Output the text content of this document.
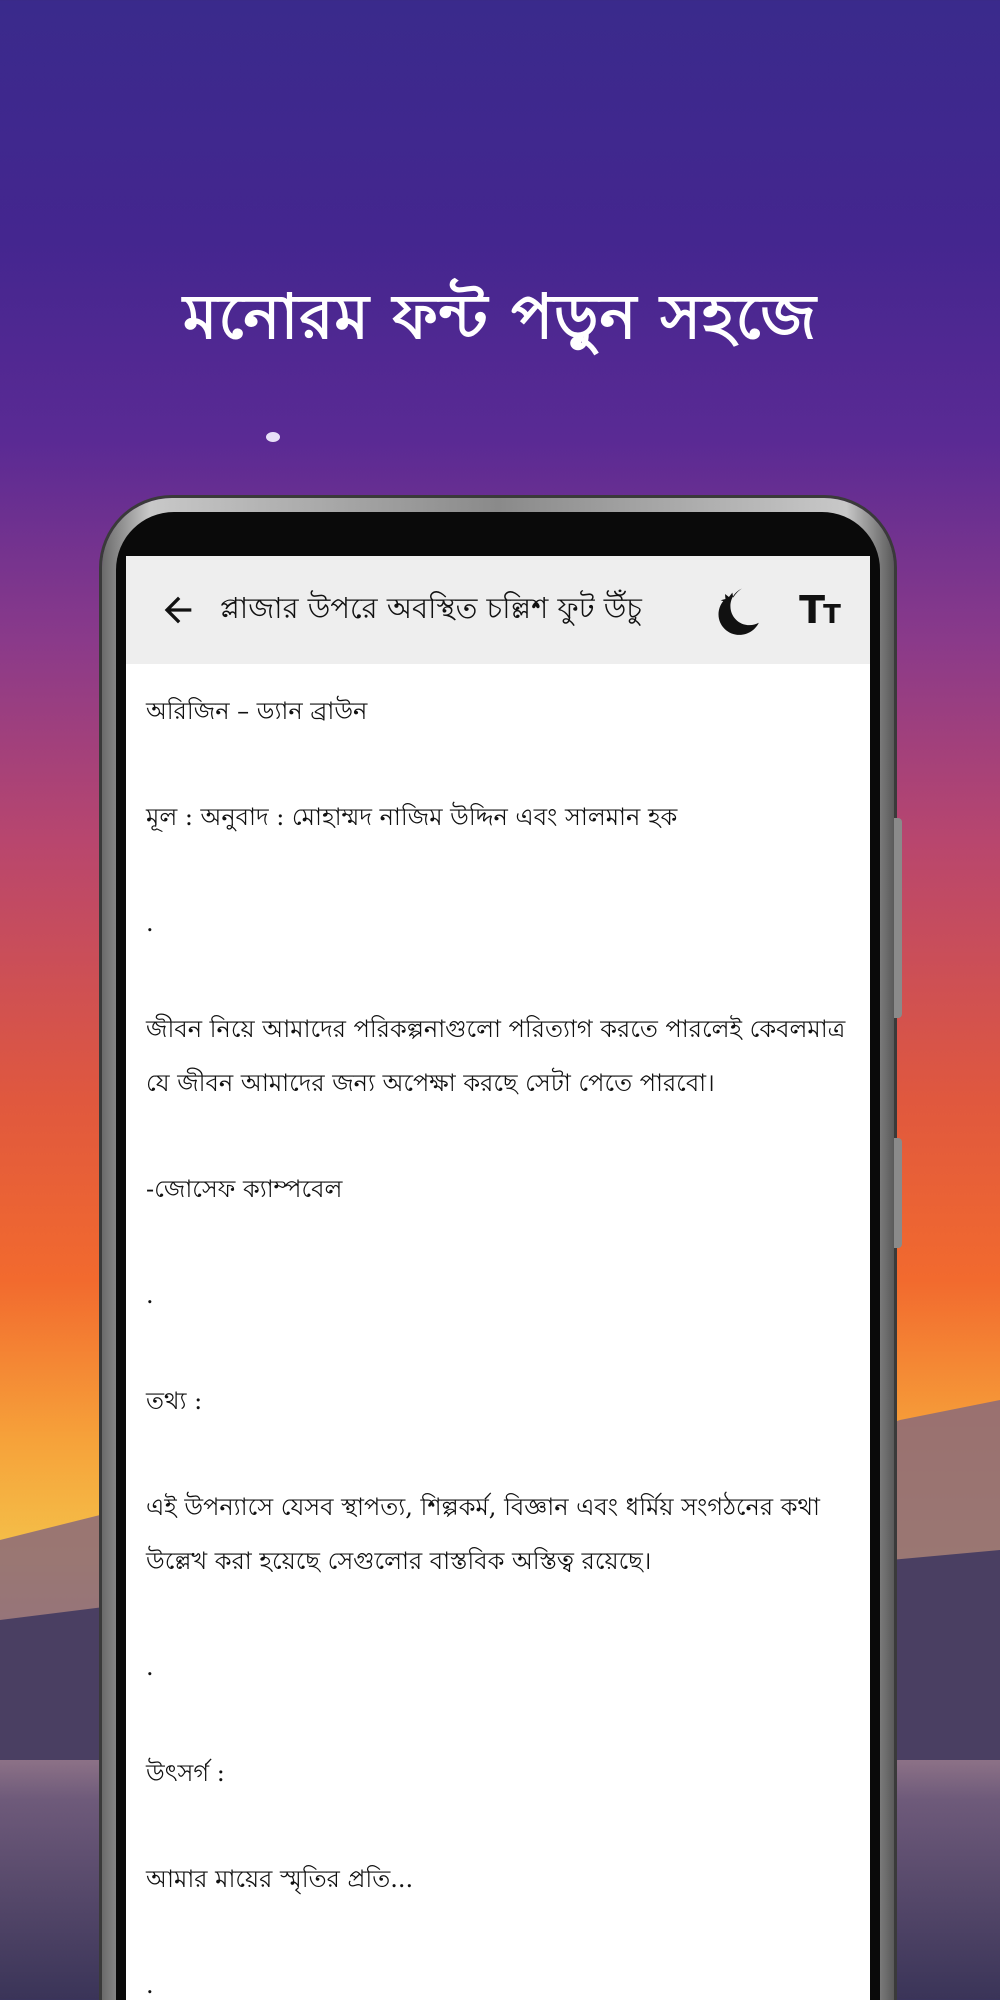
মনোরম ফন্ট পড়ুন সহজে
প্লাজার উপরে অবস্থিত চল্লিশ ফুট উঁচু	T
T

অরিজিন – ড্যান ব্রাউন

মূল : অনুবাদ : মোহাম্মদ নাজিম উদ্দিন এবং সালমান হক

.

জীবন নিয়ে আমাদের পরিকল্পনাগুলো পরিত্যাগ করতে পারলেই কেবলমাত্র যে জীবন আমাদের জন্য অপেক্ষা করছে সেটা পেতে পারবো।

-জোসেফ ক্যাম্পবেল

.

তথ্য :

এই উপন্যাসে যেসব স্থাপত্য, শিল্পকর্ম, বিজ্ঞান এবং ধর্মিয় সংগঠনের কথা উল্লেখ করা হয়েছে সেগুলোর বাস্তবিক অস্তিত্ব রয়েছে।

.

উৎসর্গ :

আমার মায়ের স্মৃতির প্রতি...

.
